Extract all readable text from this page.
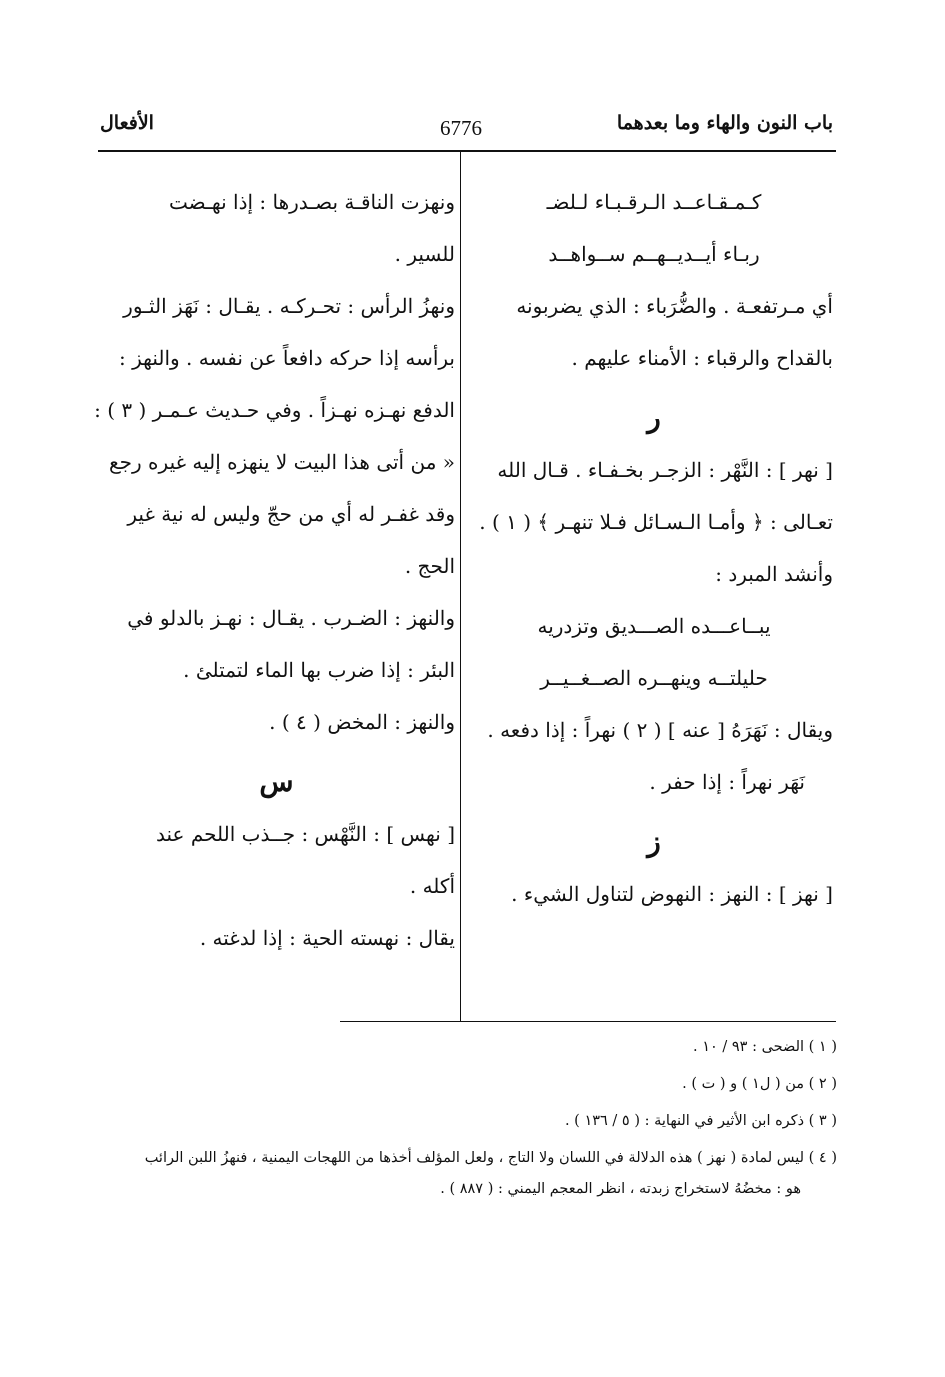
باب النون والهاء وما بعدهما
6776
الأفعال
كـمـقـاعــد الـرقـبـاء لـلضـ
ربـاء أيــديــهــم ســواهــد
أي مـرتفعـة . والضُّرَباء : الذي يضربونه
بالقداح والرقباء : الأمناء عليهم .
ر
[ نهر ] : النَّهْر : الزجـر بخـفـاء . قـال الله
تعـالى : ﴿ وأمـا الـسـائل فـلا تنهـر ﴾ ( ١ ) .
وأنشد المبرد :
يبــاعـــده الصـــديق وتزدريه
حليلتــه وينهــره الصــغــيــر
ويقال : نَهَرَهُ [ عنه ] ( ٢ ) نهراً : إذا دفعه .
نَهَر نهراً : إذا حفر .
ز
[ نهز ] : النهز : النهوض لتناول الشيء .
ونهزت الناقـة بصـدرها : إذا نهـضت
للسير .
ونهزُ الرأس : تحـركـه . يقـال : نَهَز الثـور
برأسه إذا حركه دافعاً عن نفسه . والنهز :
الدفع نهـزه نهـزاً . وفي حـديث عـمـر ( ٣ ) :
« من أتى هذا البيت لا ينهزه إليه غيره رجع
وقد غفـر له أي من حجّ وليس له نية غير
الحج .
والنهز : الضـرب . يقـال : نهـز بالدلو في
البئر : إذا ضرب بها الماء لتمتلئ .
والنهز : المخض ( ٤ ) .
س
[ نهس ] : النَّهْس : جــذب اللحم عند
أكله .
يقال : نهسته الحية : إذا لدغته .
( ١ ) الضحى : ٩٣ / ١٠ .
( ٢ ) من ( ل١ ) و ( ت ) .
( ٣ ) ذكره ابن الأثير في النهاية : ( ٥ / ١٣٦ ) .
( ٤ ) ليس لمادة ( نهز ) هذه الدلالة في اللسان ولا التاج ، ولعل المؤلف أخذها من اللهجات اليمنية ، فنهزُ اللبن الرائب
هو : مخضُهُ لاستخراج زبدته ، انظر المعجم اليمني : ( ٨٨٧ ) .
